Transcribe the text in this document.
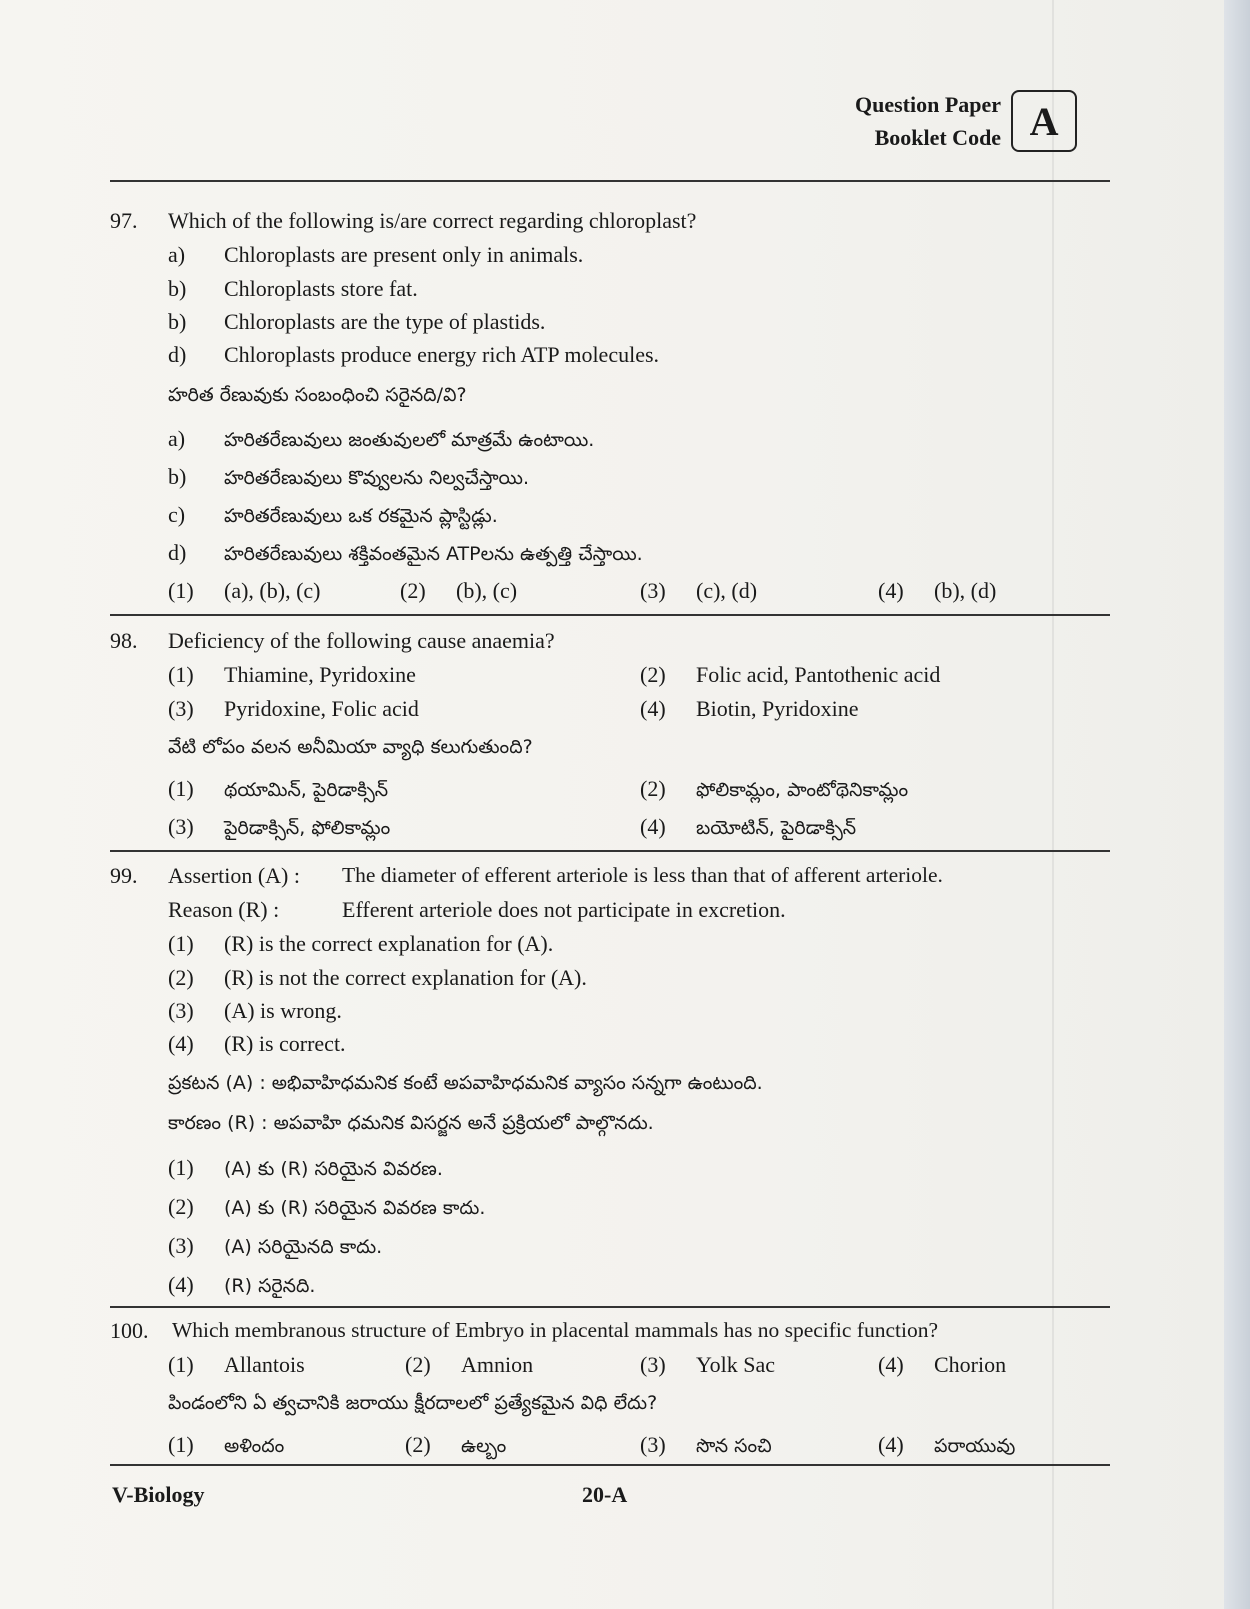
Question Paper
Booklet Code A
97. Which of the following is/are correct regarding chloroplast?
a) Chloroplasts are present only in animals.
b) Chloroplasts store fat.
b) Chloroplasts are the type of plastids.
d) Chloroplasts produce energy rich ATP molecules.
హరిత రేణువుకు సంబంధించి సరైనది/వి?
a) హరితరేణువులు జంతువులలో మాత్రమే ఉంటాయి.
b) హరితరేణువులు కొవ్వులను నిల్వచేస్తాయి.
c) హరితరేణువులు ఒక రకమైన ప్లాస్టిడ్లు.
d) హరితరేణువులు శక్తివంతమైన ATPలను ఉత్పత్తి చేస్తాయి.
(1) (a), (b), (c)	(2) (b), (c)	(3) (c), (d)	(4) (b), (d)
98. Deficiency of the following cause anaemia?
(1) Thiamine, Pyridoxine	(2) Folic acid, Pantothenic acid
(3) Pyridoxine, Folic acid	(4) Biotin, Pyridoxine
వేటి లోపం వలన అనీమియా వ్యాధి కలుగుతుంది?
(1) థయామిన్, పైరిడాక్సిన్	(2) ఫోలికామ్లం, పాంటోథెనికామ్లం
(3) పైరిడాక్సిన్, ఫోలికామ్లం	(4) బయోటిన్, పైరిడాక్సిన్
99. Assertion (A) : The diameter of efferent arteriole is less than that of afferent arteriole.
Reason (R) :	Efferent arteriole does not participate in excretion.
(1) (R) is the correct explanation for (A).
(2) (R) is not the correct explanation for (A).
(3) (A) is wrong.
(4) (R) is correct.
ప్రకటన (A) : అభివాహిధమనిక కంటే అపవాహిధమనిక వ్యాసం సన్నగా ఉంటుంది.
కారణం (R) : అపవాహి ధమనిక విసర్జన అనే ప్రక్రియలో పాల్గొనదు.
(1) (A) కు (R) సరియైన వివరణ.
(2) (A) కు (R) సరియైన వివరణ కాదు.
(3) (A) సరియైనది కాదు.
(4) (R) సరైనది.
100. Which membranous structure of Embryo in placental mammals has no specific function?
(1) Allantois	(2) Amnion	(3) Yolk Sac	(4) Chorion
పిండంలోని ఏ త్వచానికి జరాయు క్షీరదాలలో ప్రత్యేకమైన విధి లేదు?
(1) అళిందం	(2) ఉల్బం	(3) సొన సంచి	(4) పరాయువు
V-Biology	20-A
